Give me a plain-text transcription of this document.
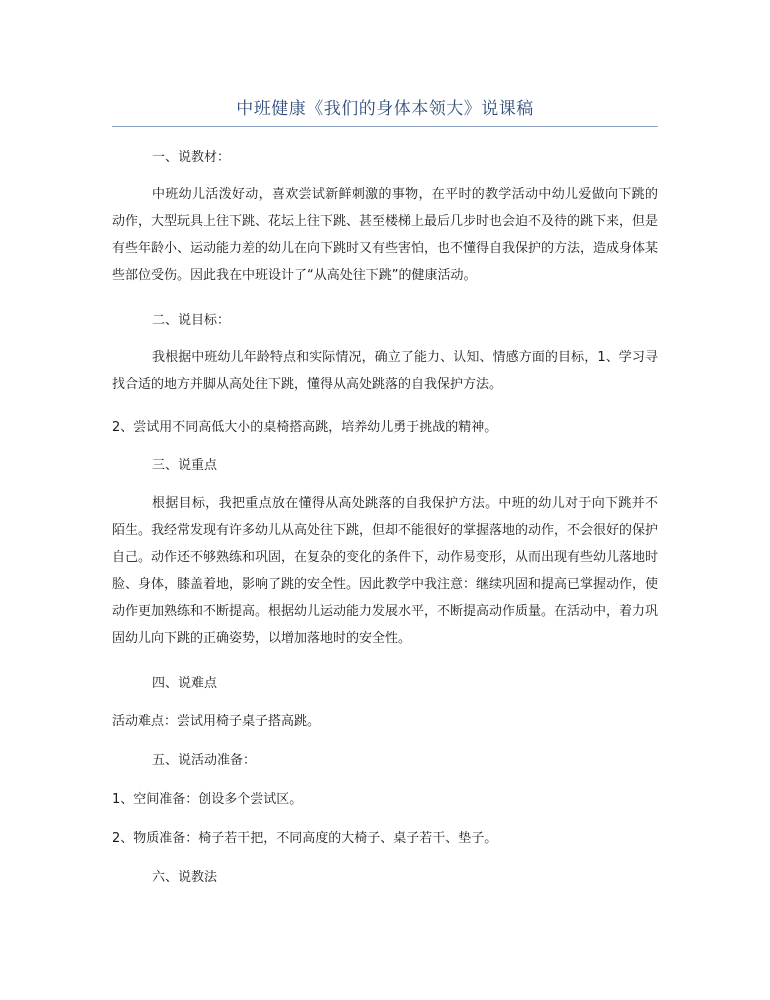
中班健康《我们的身体本领大》说课稿

一、说教材：

中班幼儿活泼好动，喜欢尝试新鲜刺激的事物，在平时的教学活动中幼儿爱做向下跳的动作，大型玩具上往下跳、花坛上往下跳、甚至楼梯上最后几步时也会迫不及待的跳下来，但是有些年龄小、运动能力差的幼儿在向下跳时又有些害怕，也不懂得自我保护的方法，造成身体某些部位受伤。因此我在中班设计了“从高处往下跳”的健康活动。

二、说目标：

我根据中班幼儿年龄特点和实际情况，确立了能力、认知、情感方面的目标，1、学习寻找合适的地方并脚从高处往下跳，懂得从高处跳落的自我保护方法。

2、尝试用不同高低大小的桌椅搭高跳，培养幼儿勇于挑战的精神。

三、说重点

根据目标，我把重点放在懂得从高处跳落的自我保护方法。中班的幼儿对于向下跳并不陌生。我经常发现有许多幼儿从高处往下跳，但却不能很好的掌握落地的动作，不会很好的保护自己。动作还不够熟练和巩固，在复杂的变化的条件下，动作易变形，从而出现有些幼儿落地时脸、身体，膝盖着地，影响了跳的安全性。因此教学中我注意：继续巩固和提高已掌握动作，使动作更加熟练和不断提高。根据幼儿运动能力发展水平，不断提高动作质量。在活动中，着力巩固幼儿向下跳的正确姿势，以增加落地时的安全性。

四、说难点

活动难点：尝试用椅子桌子搭高跳。

五、说活动准备：

1、空间准备：创设多个尝试区。

2、物质准备：椅子若干把，不同高度的大椅子、桌子若干、垫子。

六、说教法
